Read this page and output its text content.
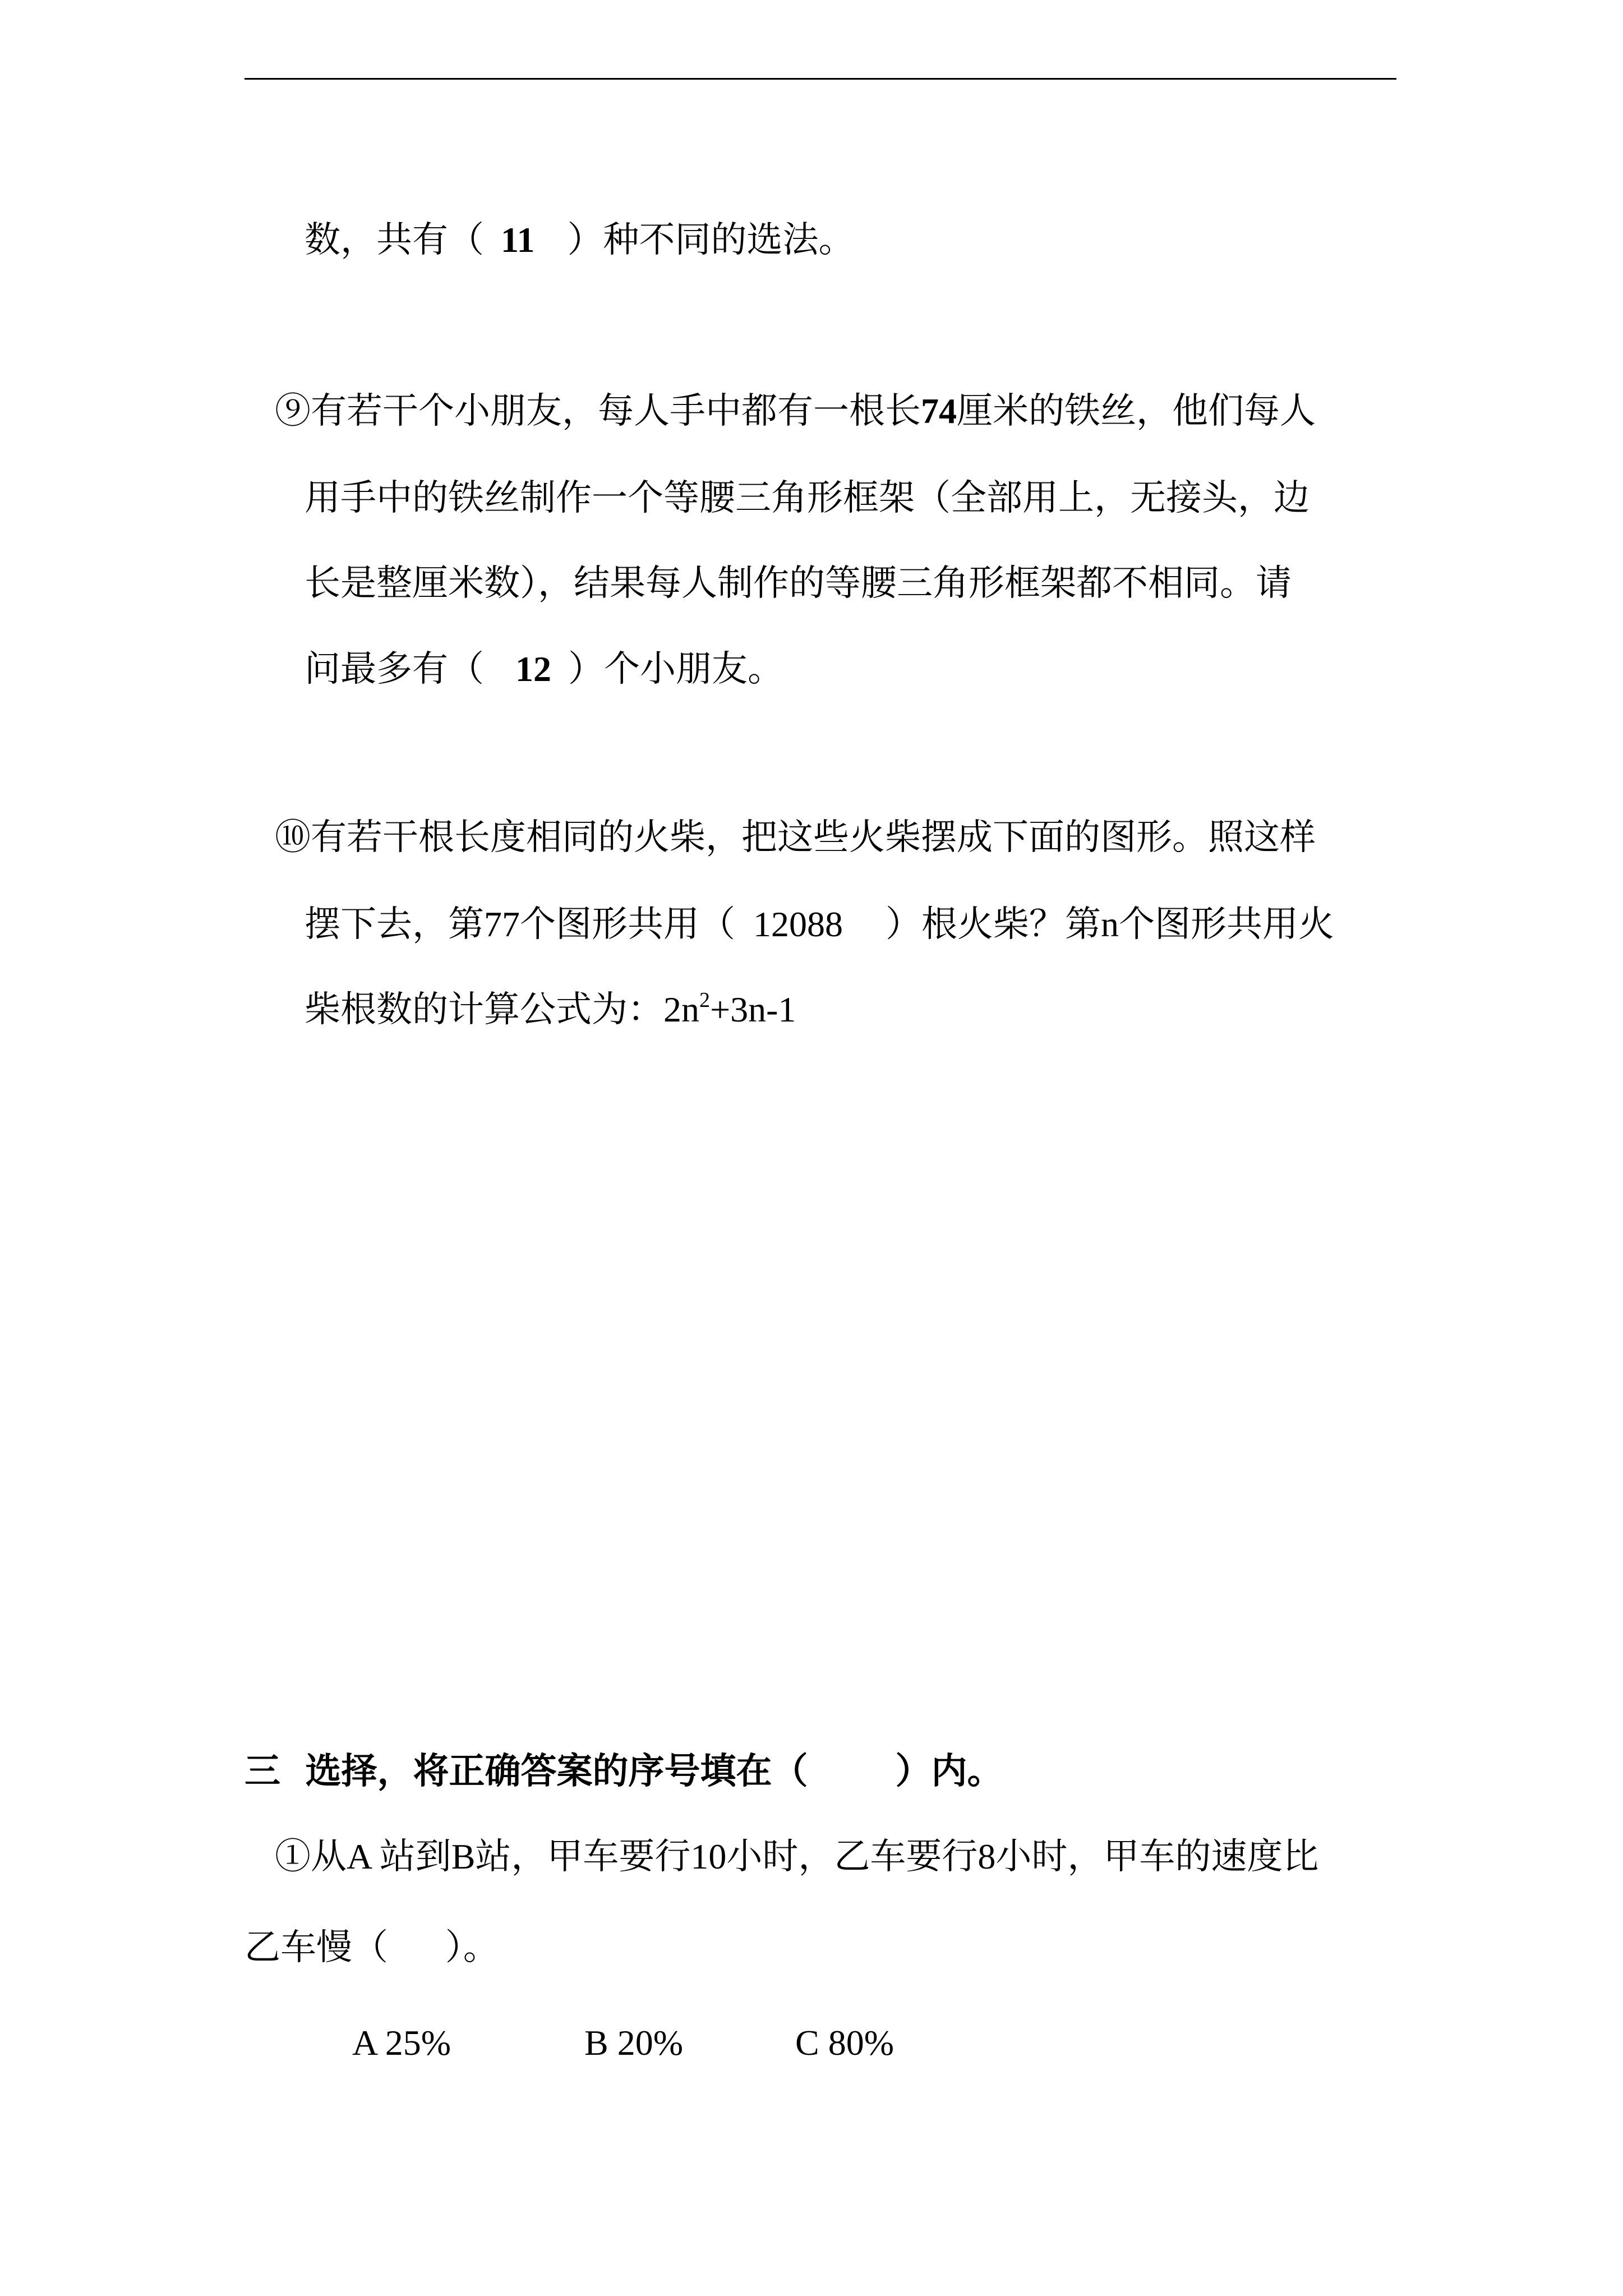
数，共有（ 11 ）种不同的选法。
⑨有若干个小朋友，每人手中都有一根长74厘米的铁丝，他们每人
用手中的铁丝制作一个等腰三角形框架（全部用上，无接头，边
长是整厘米数），结果每人制作的等腰三角形框架都不相同。请
问最多有（ 12 ）个小朋友。
⑩有若干根长度相同的火柴，把这些火柴摆成下面的图形。照这样
摆下去，第77个图形共用（ 12088 ）根火柴？第n个图形共用火
柴根数的计算公式为：$2n^2+3n-1$
三  选择，将正确答案的序号填在（       ）内。
①从A 站到B站，甲车要行10小时，乙车要行8小时，甲车的速度比
乙车慢（     ）。
A 25%	B 20%	C 80%
